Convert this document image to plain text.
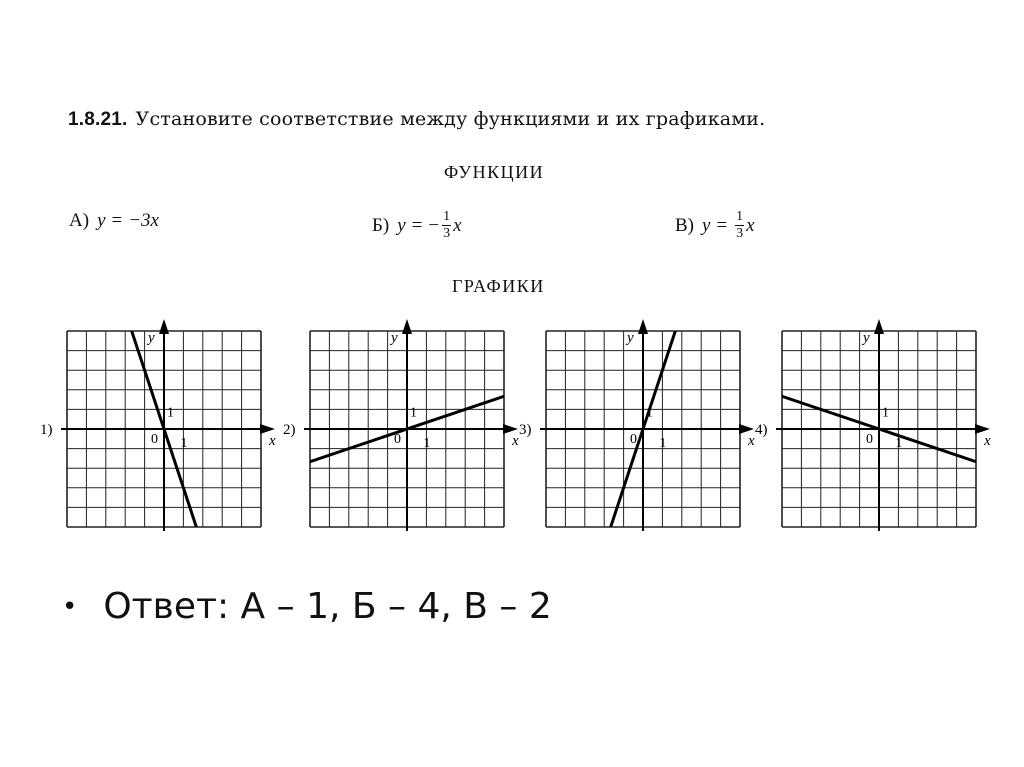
1.8.21. Установите соответствие между функциями и их графиками.
ФУНКЦИИ
А) y = −3x	Б) y = − $\frac{1}{3}$ x	В) $y = \frac{1}{3}$ x
ГРАФИКИ
1)
y
x
0 1
1
2)
y
x
0 1
1
3)
y
x
0 1
1
4)
y
x
0 1
1
• Ответ: А – 1, Б – 4, В – 2
